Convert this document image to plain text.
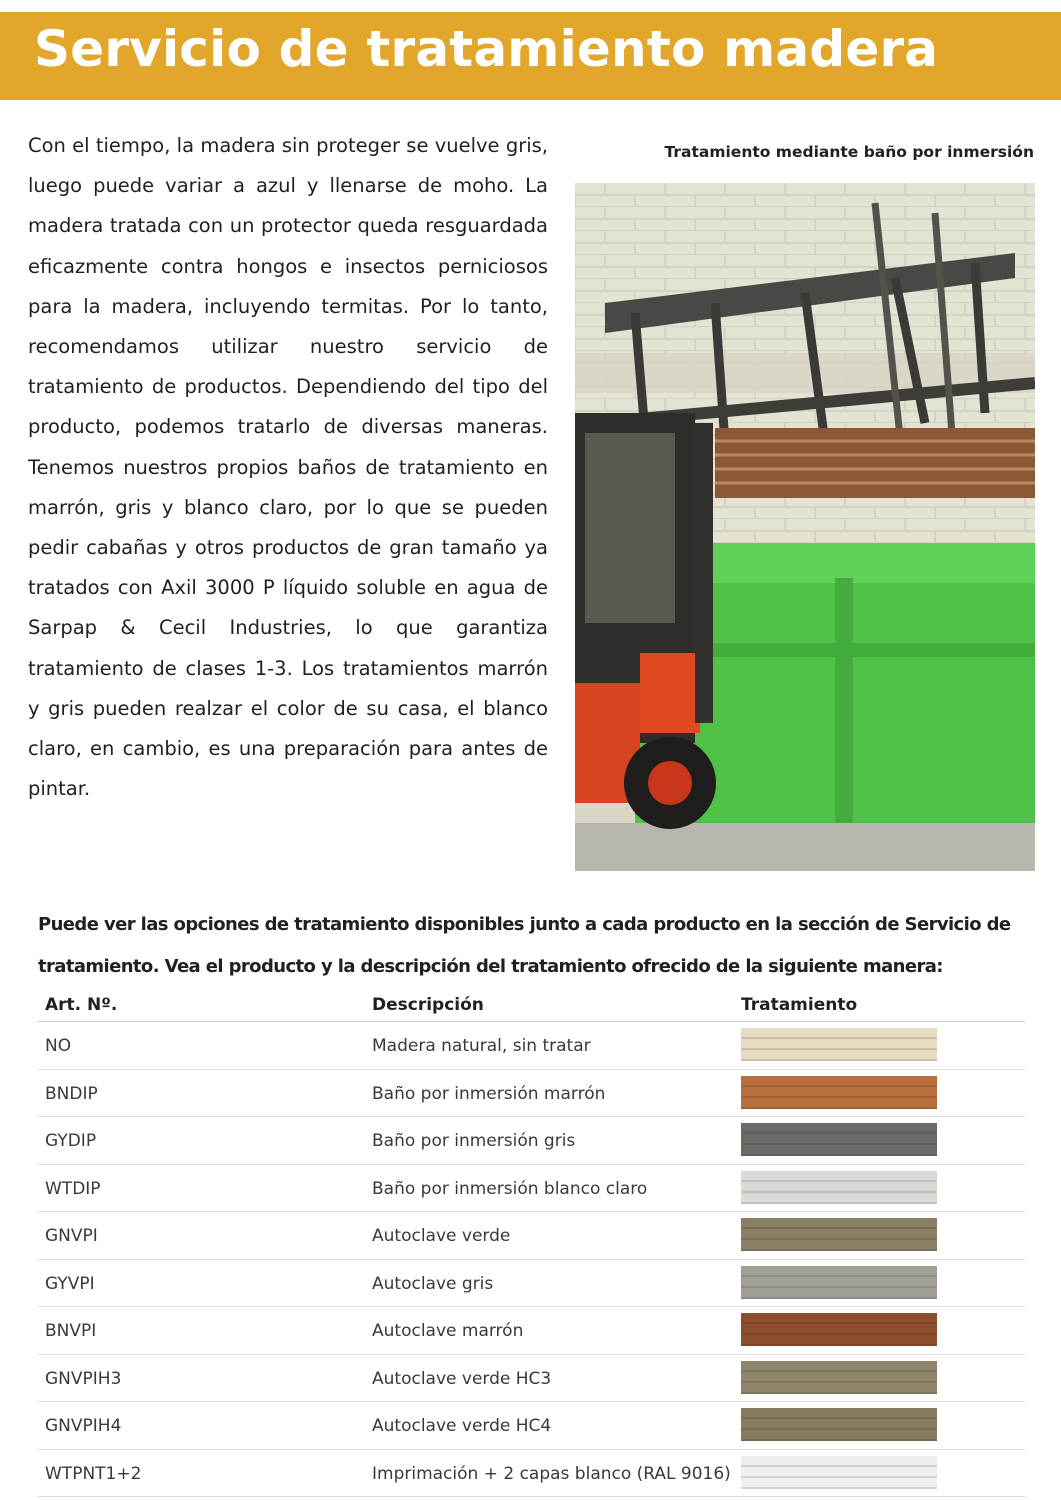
Servicio de tratamiento madera

Con el tiempo, la madera sin proteger se vuelve gris, luego puede variar a azul y llenarse de moho. La madera tratada con un protector queda resguardada eficazmente contra hongos e insectos perniciosos para la madera, incluyendo termitas. Por lo tanto, recomendamos utilizar nuestro servicio de tratamiento de productos. Dependiendo del tipo del producto, podemos tratarlo de diversas maneras. Tenemos nuestros propios baños de tratamiento en marrón, gris y blanco claro, por lo que se pueden pedir cabañas y otros productos de gran tamaño ya tratados con Axil 3000 P líquido soluble en agua de Sarpap & Cecil Industries, lo que garantiza tratamiento de clases 1-3. Los tratamientos marrón y gris pueden realzar el color de su casa, el blanco claro, en cambio, es una preparación para antes de pintar.

Tratamiento mediante baño por inmersión

Puede ver las opciones de tratamiento disponibles junto a cada producto en la sección de Servicio de tratamiento. Vea el producto y la descripción del tratamiento ofrecido de la siguiente manera:

Art. Nº.	Descripción	Tratamiento
NO	Madera natural, sin tratar
BNDIP	Baño por inmersión marrón
GYDIP	Baño por inmersión gris
WTDIP	Baño por inmersión blanco claro
GNVPI	Autoclave verde
GYVPI	Autoclave gris
BNVPI	Autoclave marrón
GNVPIH3	Autoclave verde HC3
GNVPIH4	Autoclave verde HC4
WTPNT1+2	Imprimación + 2 capas blanco (RAL 9016)
